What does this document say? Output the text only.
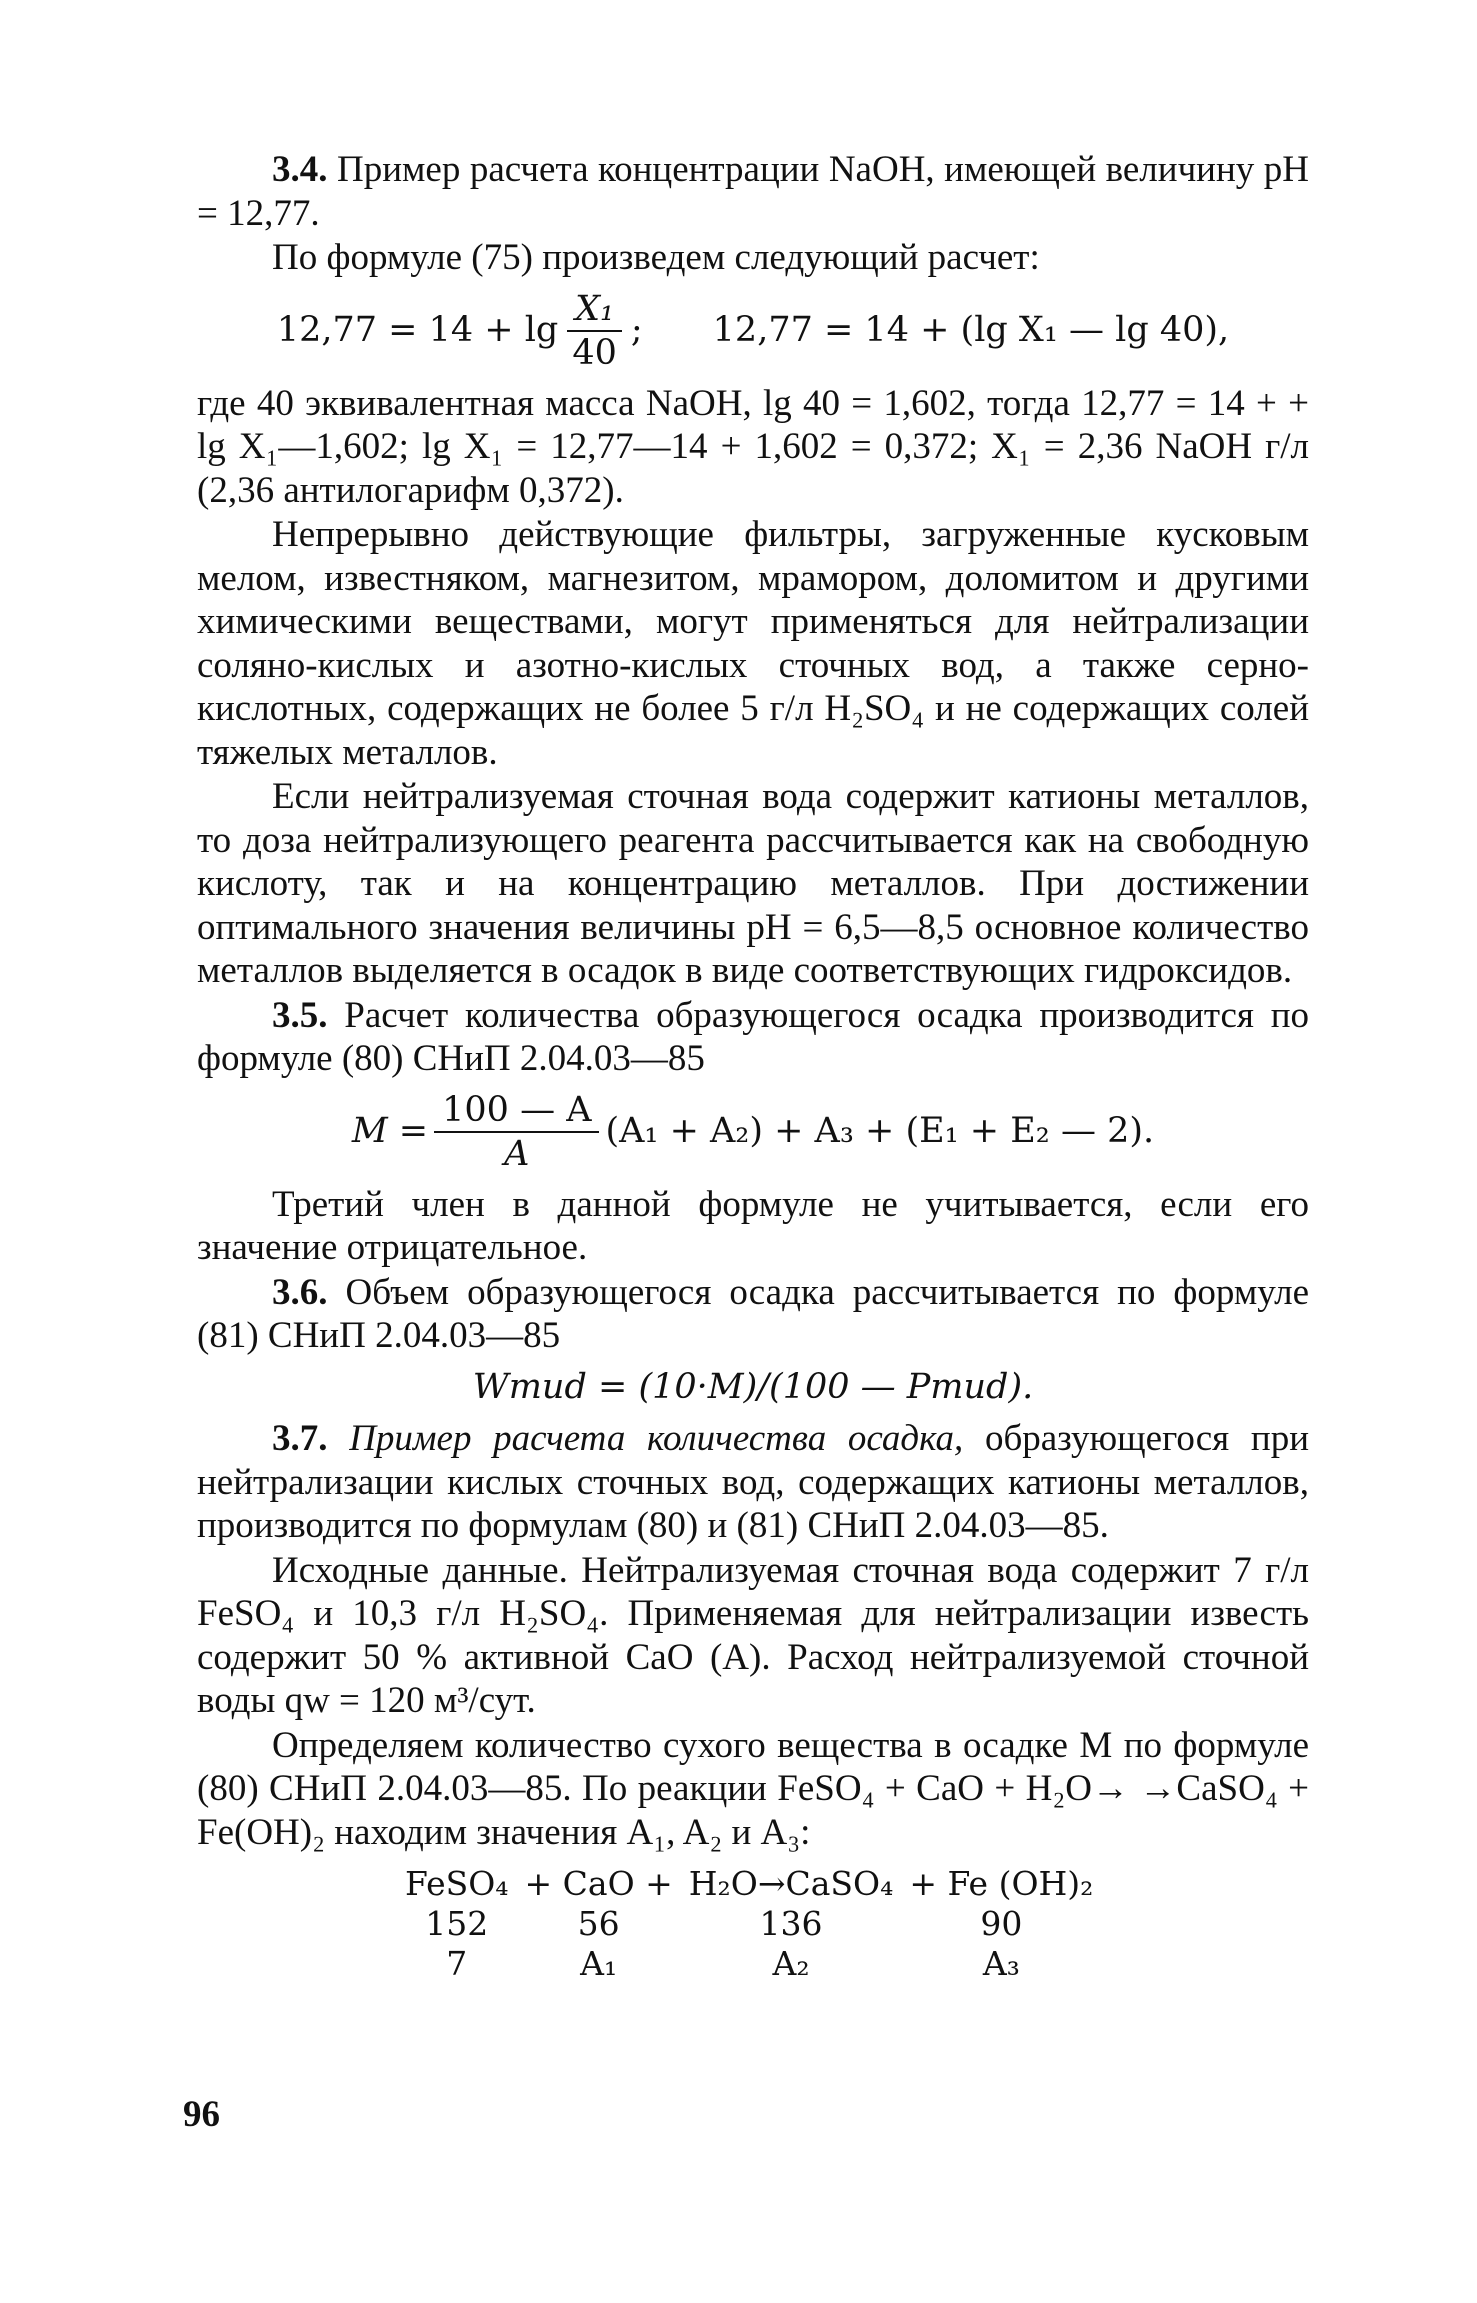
3.4. Пример расчета концентрации NaOH, имеющей величину pH = 12,77.

По формуле (75) произведем следующий расчет:

$12,77 = 14 + \lg \frac{\text{X₁}}{40}$ ; 12,77 = 14 + (lg X₁ — lg 40),

где 40 эквивалентная масса NaOH, lg 40 = 1,602, тогда 12,77 = 14 + + lg X₁—1,602; lg X₁ = 12,77—14 + 1,602 = 0,372; X₁ = 2,36 NaOH г/л (2,36 антилогарифм 0,372).

Непрерывно действующие фильтры, загруженные кусковым мелом, известняком, магнезитом, мрамором, доломитом и другими химическими веществами, могут применяться для нейтрализации соляно-кислых и азотно-кислых сточных вод, а также серно-кислотных, содержащих не более 5 г/л H₂SO₄ и не содержащих солей тяжелых металлов.

Если нейтрализуемая сточная вода содержит катионы металлов, то доза нейтрализующего реагента рассчитывается как на свободную кислоту, так и на концентрацию металлов. При достижении оптимального значения величины pH = 6,5—8,5 основное количество металлов выделяется в осадок в виде соответствующих гидроксидов.

3.5. Расчет количества образующегося осадка производится по формуле (80) СНиП 2.04.03—85

$M = \frac{100 — A}{A} (A_1 + A_2) + A_3 + (E_1 + E_2$ — 2).

Третий член в данной формуле не учитывается, если его значение отрицательное.

3.6. Объем образующегося осадка рассчитывается по формуле (81) СНиП 2.04.03—85

Wmud = (10·M)/(100 — Pmud).

3.7. Пример расчета количества осадка, образующегося при нейтрализации кислых сточных вод, содержащих катионы металлов, производится по формулам (80) и (81) СНиП 2.04.03—85.

Исходные данные. Нейтрализуемая сточная вода содержит 7 г/л FeSO₄ и 10,3 г/л H₂SO₄. Применяемая для нейтрализации известь содержит 50 % активной CaO (А). Расход нейтрализуемой сточной воды qw = 120 м³/сут.

Определяем количество сухого вещества в осадке М по формуле (80) СНиП 2.04.03—85. По реакции FeSO₄ + CaO + H₂O→ →CaSO₄ + Fe(OH)₂ находим значения A₁, A₂ и A₃:

FeSO₄	+ CaO +	H₂O→CaSO₄	+ Fe (OH)₂
152	56	136	90
7	A₁	A₂	A₃
96
